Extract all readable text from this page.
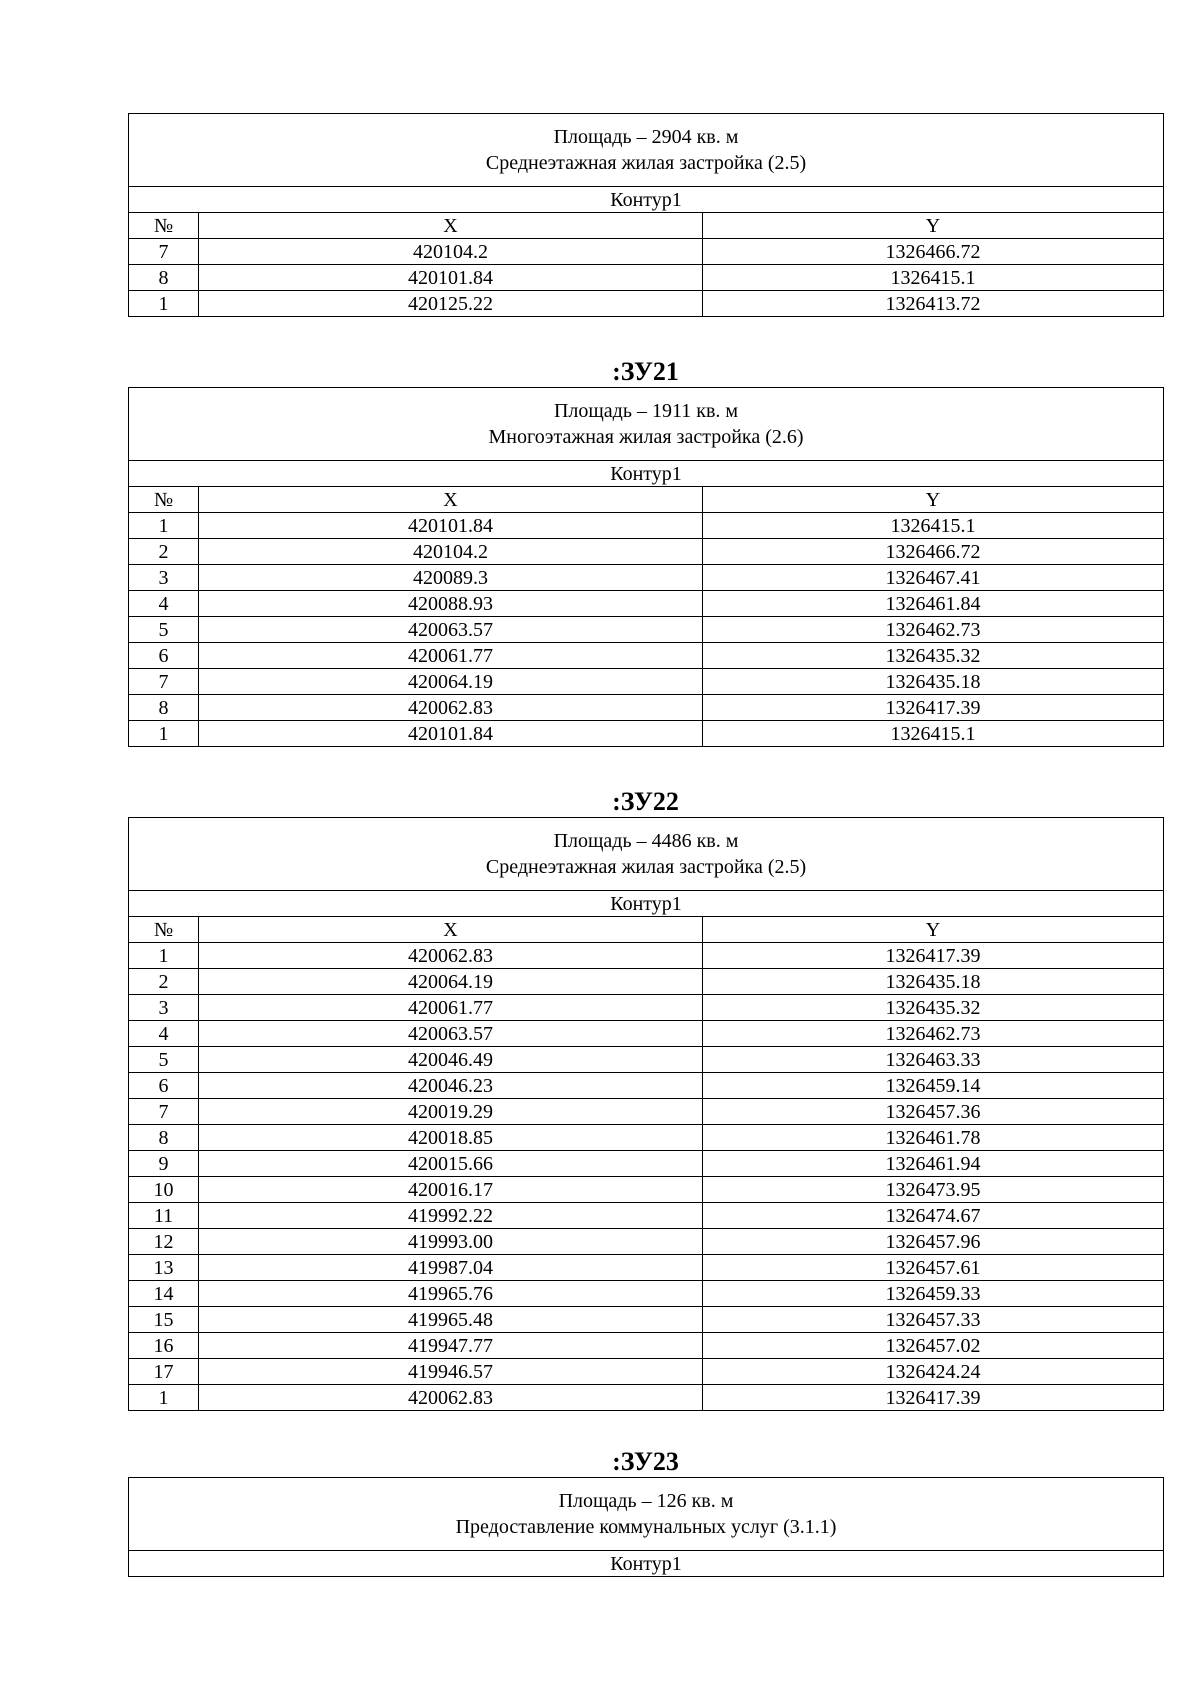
Площадь – 2904 кв. м
Среднеэтажная жилая застройка (2.5)		

Контур1		
№	X	Y
7	420104.2	1326466.72
8	420101.84	1326415.1
1	420125.22	1326413.72
:ЗУ21
Площадь – 1911 кв. м
Многоэтажная жилая застройка (2.6)		

Контур1		
№	X	Y
1	420101.84	1326415.1
2	420104.2	1326466.72
3	420089.3	1326467.41
4	420088.93	1326461.84
5	420063.57	1326462.73
6	420061.77	1326435.32
7	420064.19	1326435.18
8	420062.83	1326417.39
1	420101.84	1326415.1
:ЗУ22
Площадь – 4486 кв. м
Среднеэтажная жилая застройка (2.5)		

Контур1		
№	X	Y
1	420062.83	1326417.39
2	420064.19	1326435.18
3	420061.77	1326435.32
4	420063.57	1326462.73
5	420046.49	1326463.33
6	420046.23	1326459.14
7	420019.29	1326457.36
8	420018.85	1326461.78
9	420015.66	1326461.94
10	420016.17	1326473.95
11	419992.22	1326474.67
12	419993.00	1326457.96
13	419987.04	1326457.61
14	419965.76	1326459.33
15	419965.48	1326457.33
16	419947.77	1326457.02
17	419946.57	1326424.24
1	420062.83	1326417.39
:ЗУ23
Площадь – 126 кв. м
Предоставление коммунальных услуг (3.1.1)

Контур1
